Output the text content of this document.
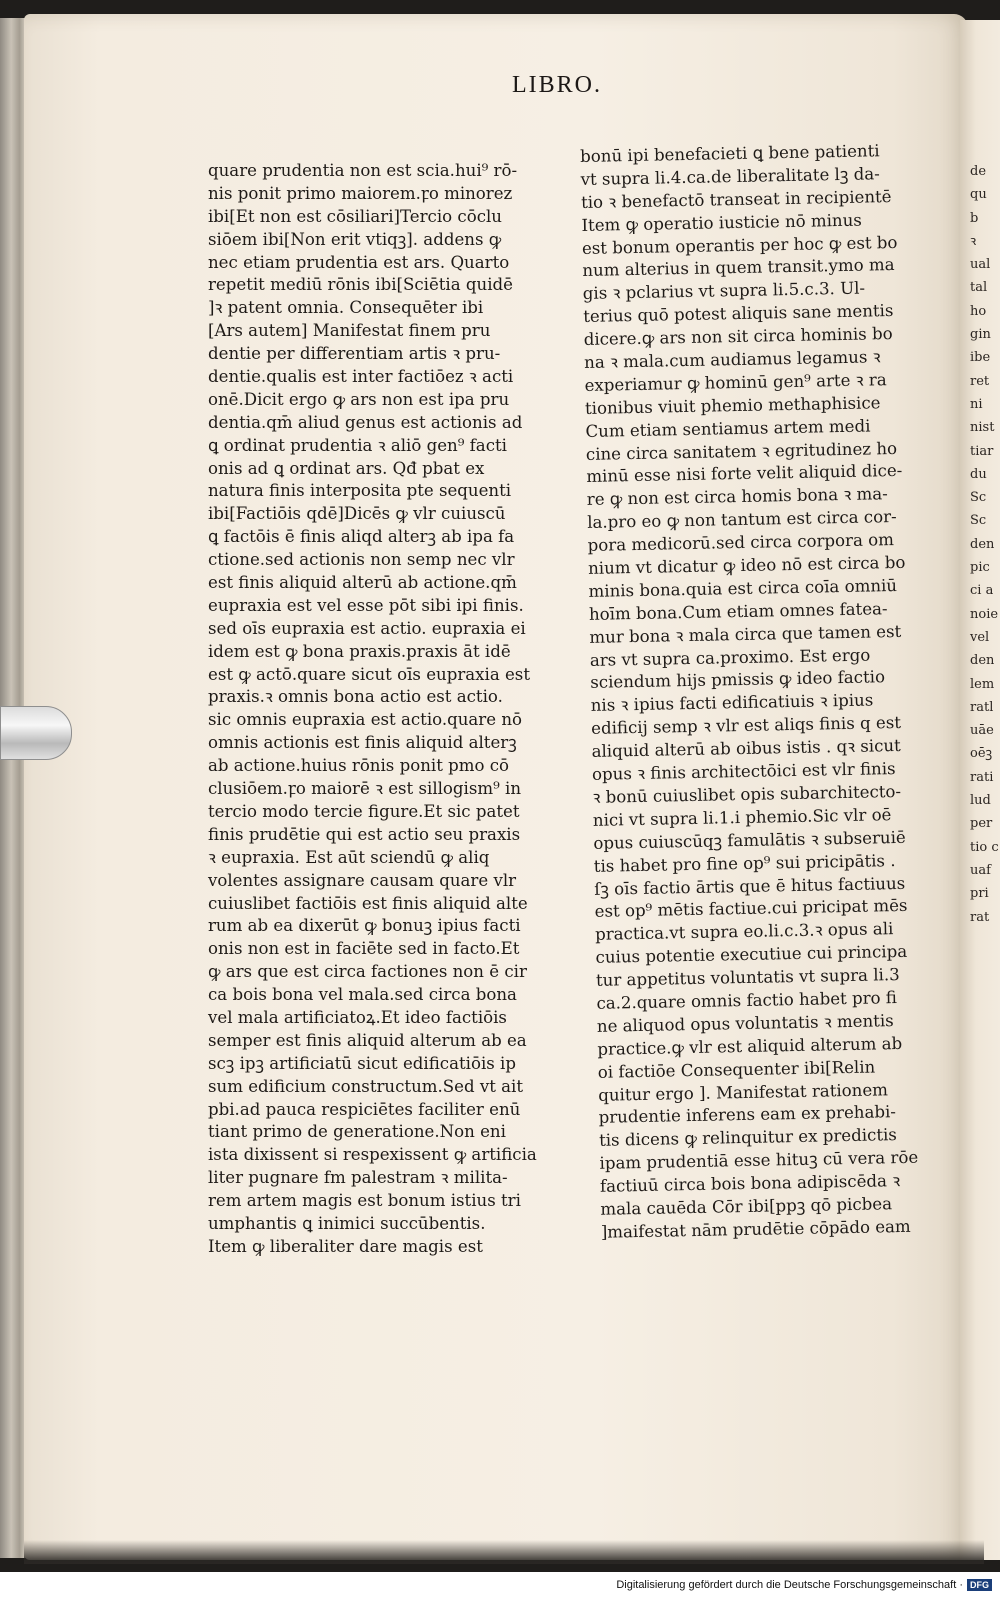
de
qu
b
ꝛ
ual
tal
ho
gin
ibe
ret
ni
nist
tiar
du
Sc
Sc
den
pic
ci a
noie
vel
den
lem
ratl
uāe
oēꝫ
rati
lud
per
tio c
uaf
pri
rat
LIBRO.
quare prudentia non est scia.hui⁹ rō-
nis ponit primo maiorem.ꝼo minorez
ibi[Et non est cōsiliari]Tercio cōclu
siōem ibi[Non erit vtiqꝫ]. addens ꝙ
nec etiam prudentia est ars. Quarto
repetit mediū rōnis ibi[Sciētia quidē
]ꝛ patent omnia. Consequēter ibi
[Ars autem] Manifestat finem pru
dentie per differentiam artis ꝛ pru-
dentie.qualis est inter factiōez ꝛ acti
onē.Dicit ergo ꝙ ars non est ipa pru
dentia.qm̄ aliud genus est actionis ad
ꝗ ordinat prudentia ꝛ aliō gen⁹ facti
onis ad ꝗ ordinat ars. Qđ pbat ex
natura finis interposita pte sequenti
ibi[Factiōis qdē]Dicēs ꝙ vlr cuiuscū
ꝗ factōis ē finis aliqd alterꝫ ab ipa fa
ctione.sed actionis non semp nec vlr
est finis aliquid alterū ab actione.qm̄
eupraxia est vel esse pōt sibi ipi finis.
sed oīs eupraxia est actio. eupraxia ei
idem est ꝙ bona praxis.praxis āt idē
est ꝙ actō.quare sicut oīs eupraxia est
praxis.ꝛ omnis bona actio est actio.
sic omnis eupraxia est actio.quare nō
omnis actionis est finis aliquid alterꝫ
ab actione.huius rōnis ponit pmo cō
clusiōem.ꝼo maiorē ꝛ est sillogism⁹ in
tercio modo tercie figure.Et sic patet
finis prudētie qui est actio seu praxis
ꝛ eupraxia. Est aūt sciendū ꝙ aliq
volentes assignare causam quare vlr
cuiuslibet factiōis est finis aliquid alte
rum ab ea dixerūt ꝙ bonuꝫ ipius facti
onis non est in faciēte sed in facto.Et
ꝙ ars que est circa factiones non ē cir
ca bois bona vel mala.sed circa bona
vel mala artificiatoꝝ.Et ideo factiōis
semper est finis aliquid alterum ab ea
scꝫ ipꝫ artificiatū sicut edificatiōis ip
sum edificium constructum.Sed vt ait
pbi.ad pauca respiciētes faciliter enū
tiant primo de generatione.Non eni
ista dixissent si respexissent ꝙ artificia
liter pugnare fm palestram ꝛ milita-
rem artem magis est bonum istius tri
umphantis ꝗ inimici succūbentis.
Item ꝙ liberaliter dare magis est
bonū ipi benefacieti ꝗ bene patienti
vt supra li.4.ca.de liberalitate lꝫ da-
tio ꝛ benefactō transeat in recipientē
Item ꝙ operatio iusticie nō minus
est bonum operantis per hoc ꝙ est bo
num alterius in quem transit.ymo ma
gis ꝛ pclarius vt supra li.5.c.3. Ul-
terius quō potest aliquis sane mentis
dicere.ꝙ ars non sit circa hominis bo
na ꝛ mala.cum audiamus legamus ꝛ
experiamur ꝙ hominū gen⁹ arte ꝛ ra
tionibus viuit phemio methaphisice
Cum etiam sentiamus artem medi
cine circa sanitatem ꝛ egritudinez ho
minū esse nisi forte velit aliquid dice-
re ꝙ non est circa homis bona ꝛ ma-
la.pro eo ꝙ non tantum est circa cor-
pora medicorū.sed circa corpora om
nium vt dicatur ꝙ ideo nō est circa bo
minis bona.quia est circa coīa omniū
hoīm bona.Cum etiam omnes fatea-
mur bona ꝛ mala circa que tamen est
ars vt supra ca.proximo. Est ergo
sciendum hijs pmissis ꝙ ideo factio
nis ꝛ ipius facti edificatiuis ꝛ ipius
edificij semp ꝛ vlr est aliqs finis q est
aliquid alterū ab oibus istis . qꝛ sicut
opus ꝛ finis architectōici est vlr finis
ꝛ bonū cuiuslibet opis subarchitecto-
nici vt supra li.1.i phemio.Sic vlr oē
opus cuiuscūqꝫ famulātis ꝛ subseruiē
tis habet pro fine op⁹ sui pricipātis .
ſꝫ oīs factio ārtis que ē hitus factiuus
est op⁹ mētis factiue.cui pricipat mēs
practica.vt supra eo.li.c.3.ꝛ opus ali
cuius potentie executiue cui principa
tur appetitus voluntatis vt supra li.3
ca.2.quare omnis factio habet pro fi
ne aliquod opus voluntatis ꝛ mentis
practice.ꝙ vlr est aliquid alterum ab
oi factiōe Consequenter ibi[Relin
quitur ergo ]. Manifestat rationem
prudentie inferens eam ex prehabi-
tis dicens ꝙ relinquitur ex predictis
ipam prudentiā esse hituꝫ cū vera rōe
factiuū circa bois bona adipiscēda ꝛ
mala cauēda Cōr ibi[ppꝫ qō picbea
]maifestat nām prudētie cōpādo eam
Digitalisierung gefördert durch die Deutsche Forschungsgemeinschaft · DFG
